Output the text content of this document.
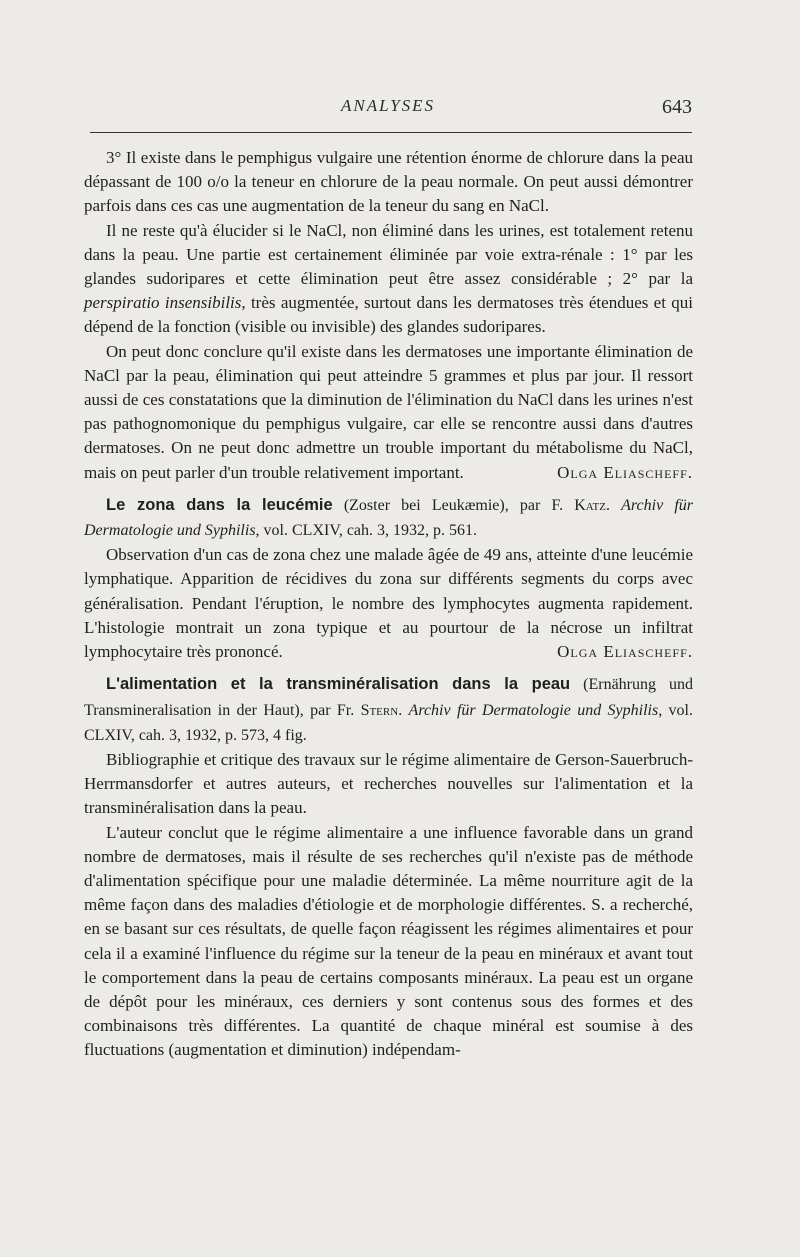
ANALYSES	643

3° Il existe dans le pemphigus vulgaire une rétention énorme de chlorure dans la peau dépassant de 100 o/o la teneur en chlorure de la peau normale. On peut aussi démontrer parfois dans ces cas une augmentation de la teneur du sang en NaCl.

Il ne reste qu'à élucider si le NaCl, non éliminé dans les urines, est totalement retenu dans la peau. Une partie est certainement éliminée par voie extra-rénale : 1° par les glandes sudoripares et cette élimination peut être assez considérable ; 2° par la perspiratio insensibilis, très augmentée, surtout dans les dermatoses très étendues et qui dépend de la fonction (visible ou invisible) des glandes sudoripares.

On peut donc conclure qu'il existe dans les dermatoses une importante élimination de NaCl par la peau, élimination qui peut atteindre 5 grammes et plus par jour. Il ressort aussi de ces constatations que la diminution de l'élimination du NaCl dans les urines n'est pas pathognomonique du pemphigus vulgaire, car elle se rencontre aussi dans d'autres dermatoses. On ne peut donc admettre un trouble important du métabolisme du NaCl, mais on peut parler d'un trouble relativement important.	Olga Eliascheff.

Le zona dans la leucémie (Zoster bei Leukæmie), par F. Katz. Archiv für Dermatologie und Syphilis, vol. CLXIV, cah. 3, 1932, p. 561.

Observation d'un cas de zona chez une malade âgée de 49 ans, atteinte d'une leucémie lymphatique. Apparition de récidives du zona sur différents segments du corps avec généralisation. Pendant l'éruption, le nombre des lymphocytes augmenta rapidement. L'histologie montrait un zona typique et au pourtour de la nécrose un infiltrat lymphocytaire très prononcé.	Olga Eliascheff.

L'alimentation et la transminéralisation dans la peau (Ernährung und Transmineralisation in der Haut), par Fr. Stern. Archiv für Dermatologie und Syphilis, vol. CLXIV, cah. 3, 1932, p. 573, 4 fig.

Bibliographie et critique des travaux sur le régime alimentaire de Gerson-Sauerbruch-Herrmansdorfer et autres auteurs, et recherches nouvelles sur l'alimentation et la transminéralisation dans la peau.

L'auteur conclut que le régime alimentaire a une influence favorable dans un grand nombre de dermatoses, mais il résulte de ses recherches qu'il n'existe pas de méthode d'alimentation spécifique pour une maladie déterminée. La même nourriture agit de la même façon dans des maladies d'étiologie et de morphologie différentes. S. a recherché, en se basant sur ces résultats, de quelle façon réagissent les régimes alimentaires et pour cela il a examiné l'influence du régime sur la teneur de la peau en minéraux et avant tout le comportement dans la peau de certains composants minéraux. La peau est un organe de dépôt pour les minéraux, ces derniers y sont contenus sous des formes et des combinaisons très différentes. La quantité de chaque minéral est soumise à des fluctuations (augmentation et diminution) indépendam-
